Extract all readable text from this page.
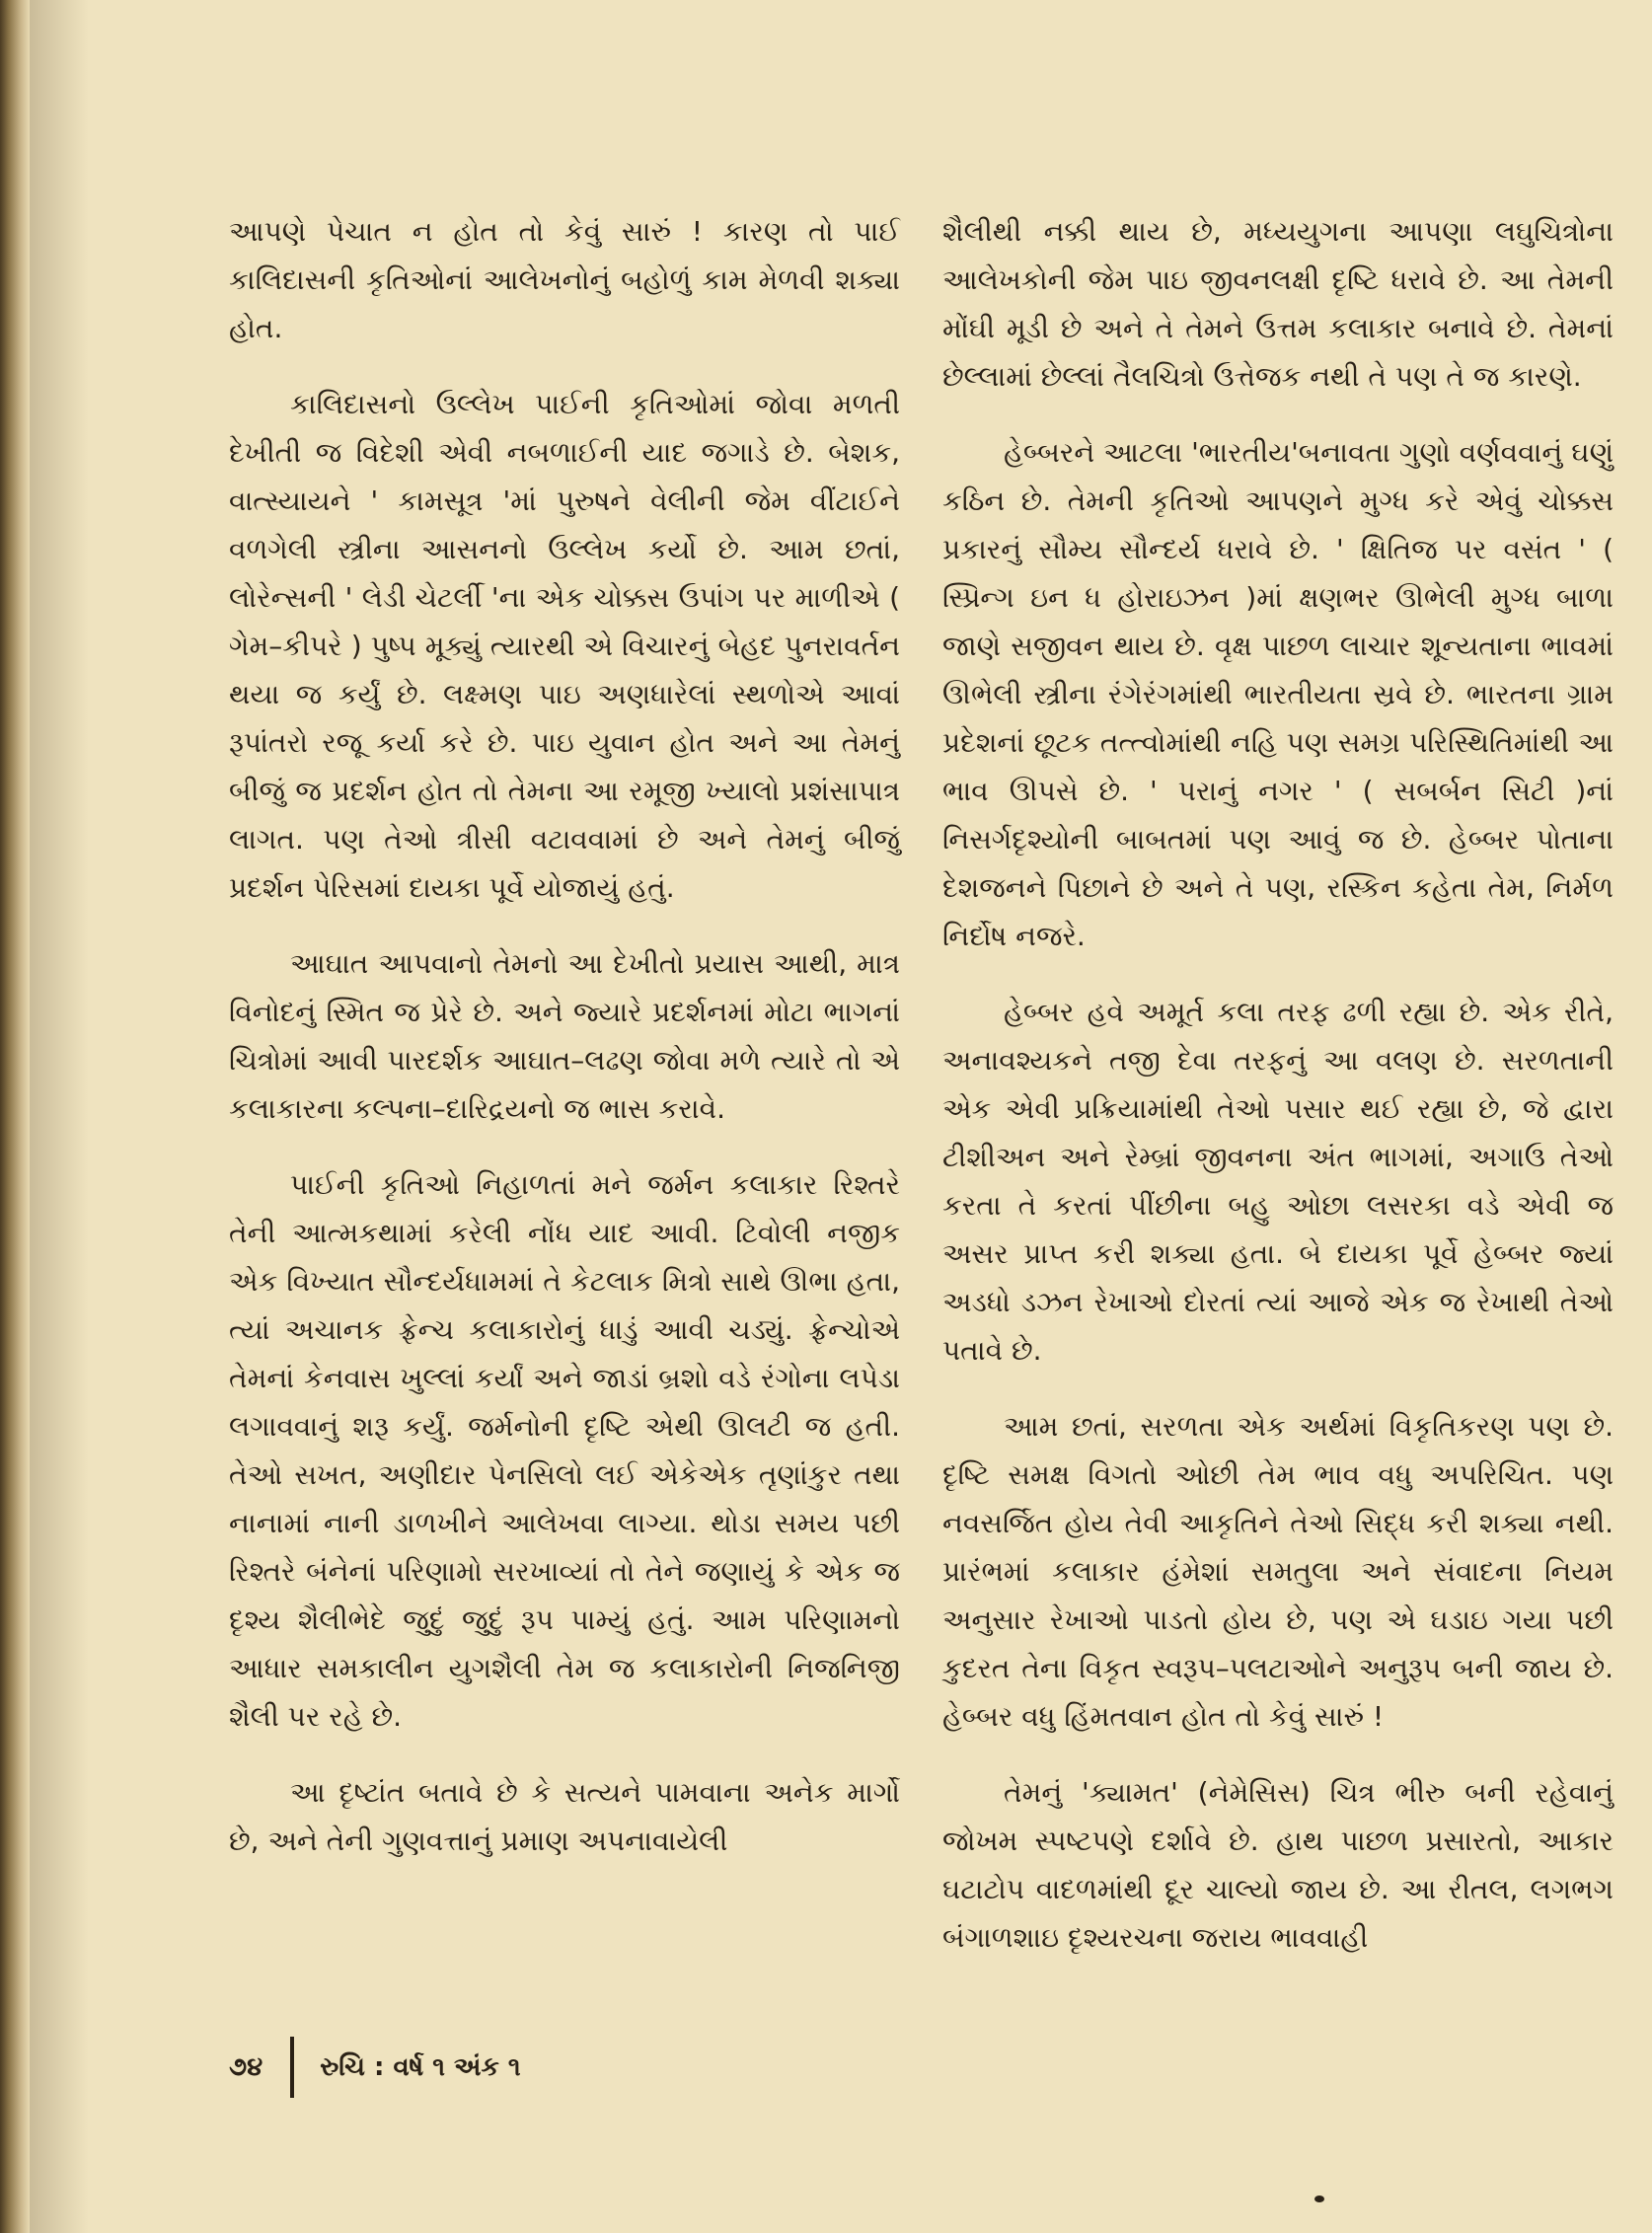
આપણે પેચાત ન હોત તો કેવું સારું ! કારણ તો પાઈ કાલિદાસની કૃતિઓનાં આલેખનોનું બહોળું કામ મેળવી શક્યા હોત.

કાલિદાસનો ઉલ્લેખ પાઈની કૃતિઓમાં જોવા મળતી દેખીતી જ વિદેશી એવી નબળાઈની યાદ જગાડે છે. બેશક, વાત્સ્યાયને ' કામસૂત્ર 'માં પુરુષને વેલીની જેમ વીંટાઈને વળગેલી સ્ત્રીના આસનનો ઉલ્લેખ કર્યો છે. આમ છતાં, લોરેન્સની ' લેડી ચેટર્લી 'ના એક ચોક્કસ ઉપાંગ પર માળીએ ( ગેમ–કીપરે ) પુષ્પ મૂક્યું ત્યારથી એ વિચારનું બેહદ પુનરાવર્તન થયા જ કર્યું છે. લક્ષ્મણ પાઇ અણધારેલાં સ્થળોએ આવાં રૂપાંતરો રજૂ કર્યા કરે છે. પાઇ યુવાન હોત અને આ તેમનું બીજું જ પ્રદર્શન હોત તો તેમના આ રમૂજી ખ્યાલો પ્રશંસાપાત્ર લાગત. પણ તેઓ ત્રીસી વટાવવામાં છે અને તેમનું બીજું પ્રદર્શન પેરિસમાં દાયકા પૂર્વે યોજાયું હતું.

આઘાત આપવાનો તેમનો આ દેખીતો પ્રયાસ આથી, માત્ર વિનોદનું સ્મિત જ પ્રેરે છે. અને જ્યારે પ્રદર્શનમાં મોટા ભાગનાં ચિત્રોમાં આવી પારદર્શક આઘાત–લઢણ જોવા મળે ત્યારે તો એ કલાકારના કલ્પના–દારિદ્રયનો જ ભાસ કરાવે.

પાઈની કૃતિઓ નિહાળતાં મને જર્મન કલાકાર રિશ્તરે તેની આત્મકથામાં કરેલી નોંધ યાદ આવી. ટિવોલી નજીક એક વિખ્યાત સૌન્દર્યધામમાં તે કેટલાક મિત્રો સાથે ઊભા હતા, ત્યાં અચાનક ફ્રેન્ચ કલાકારોનું ધાડું આવી ચડ્યું. ફ્રેન્ચોએ તેમનાં કેનવાસ ખુલ્લાં કર્યાં અને જાડાં બ્રશો વડે રંગોના લપેડા લગાવવાનું શરૂ કર્યું. જર્મનોની દૃષ્ટિ એથી ઊલટી જ હતી. તેઓ સખત, અણીદાર પેનસિલો લઈ એકેએક તૃણાંકુર તથા નાનામાં નાની ડાળખીને આલેખવા લાગ્યા. થોડા સમય પછી રિશ્તરે બંનેનાં પરિણામો સરખાવ્યાં તો તેને જણાયું કે એક જ દૃશ્ય શૈલીભેદે જુદું જુદું રૂપ પામ્યું હતું. આમ પરિણામનો આધાર સમકાલીન યુગશૈલી તેમ જ કલાકારોની નિજનિજી શૈલી પર રહે છે.

આ દૃષ્ટાંત બતાવે છે કે સત્યને પામવાના અનેક માર્ગો છે, અને તેની ગુણવત્તાનું પ્રમાણ અપનાવાયેલી

શૈલીથી નક્કી થાય છે, મધ્યયુગના આપણા લઘુચિત્રોના આલેખકોની જેમ પાઇ જીવનલક્ષી દૃષ્ટિ ધરાવે છે. આ તેમની મોંઘી મૂડી છે અને તે તેમને ઉત્તમ કલાકાર બનાવે છે. તેમનાં છેલ્લામાં છેલ્લાં તૈલચિત્રો ઉત્તેજક નથી તે પણ તે જ કારણે.

હેબ્બરને આટલા 'ભારતીય'બનાવતા ગુણો વર્ણવવાનું ઘણું કઠિન છે. તેમની કૃતિઓ આપણને મુગ્ધ કરે એવું ચોક્કસ પ્રકારનું સૌમ્ય સૌન્દર્ય ધરાવે છે. ' ક્ષિતિજ પર વસંત ' ( સ્પ્રિન્ગ ઇન ધ હોરાઇઝન )માં ક્ષણભર ઊભેલી મુગ્ધ બાળા જાણે સજીવન થાય છે. વૃક્ષ પાછળ લાચાર શૂન્યતાના ભાવમાં ઊભેલી સ્ત્રીના રંગેરંગમાંથી ભારતીયતા સ્રવે છે. ભારતના ગ્રામ પ્રદેશનાં છૂટક તત્ત્વોમાંથી નહિ પણ સમગ્ર પરિસ્થિતિમાંથી આ ભાવ ઊપસે છે. ' પરાનું નગર ' ( સબર્બન સિટી )નાં નિસર્ગદૃશ્યોની બાબતમાં પણ આવું જ છે. હેબ્બર પોતાના દેશજનને પિછાને છે અને તે પણ, રસ્કિન કહેતા તેમ, નિર્મળ નિર્દોષ નજરે.

હેબ્બર હવે અમૂર્ત કલા તરફ ઢળી રહ્યા છે. એક રીતે, અનાવશ્યકને તજી દેવા તરફનું આ વલણ છે. સરળતાની એક એવી પ્રક્રિયામાંથી તેઓ પસાર થઈ રહ્યા છે, જે દ્વારા ટીશીઅન અને રેમ્બ્રાં જીવનના અંત ભાગમાં, અગાઉ તેઓ કરતા તે કરતાં પીંછીના બહુ ઓછા લસરકા વડે એવી જ અસર પ્રાપ્ત કરી શક્યા હતા. બે દાયકા પૂર્વે હેબ્બર જ્યાં અડધો ડઝન રેખાઓ દોરતાં ત્યાં આજે એક જ રેખાથી તેઓ પતાવે છે.

આમ છતાં, સરળતા એક અર્થમાં વિકૃતિકરણ પણ છે. દૃષ્ટિ સમક્ષ વિગતો ઓછી તેમ ભાવ વધુ અપરિચિત. પણ નવસર્જિત હોય તેવી આકૃતિને તેઓ સિદ્ધ કરી શક્યા નથી. પ્રારંભમાં કલાકાર હંમેશાં સમતુલા અને સંવાદના નિયમ અનુસાર રેખાઓ પાડતો હોય છે, પણ એ ઘડાઇ ગયા પછી કુદરત તેના વિકૃત સ્વરૂપ–પલટાઓને અનુરૂપ બની જાય છે. હેબ્બર વધુ હિંમતવાન હોત તો કેવું સારું !

તેમનું 'ક્યામત' (નેમેસિસ) ચિત્ર ભીરુ બની રહેવાનું જોખમ સ્પષ્ટપણે દર્શાવે છે. હાથ પાછળ પ્રસારતો, આકાર ઘટાટોપ વાદળમાંથી દૂર ચાલ્યો જાય છે. આ રીતલ, લગભગ બંગાળશાઇ દૃશ્યરચના જરાય ભાવવાહી

૭૪ રુચિ : વર્ષ ૧ અંક ૧
